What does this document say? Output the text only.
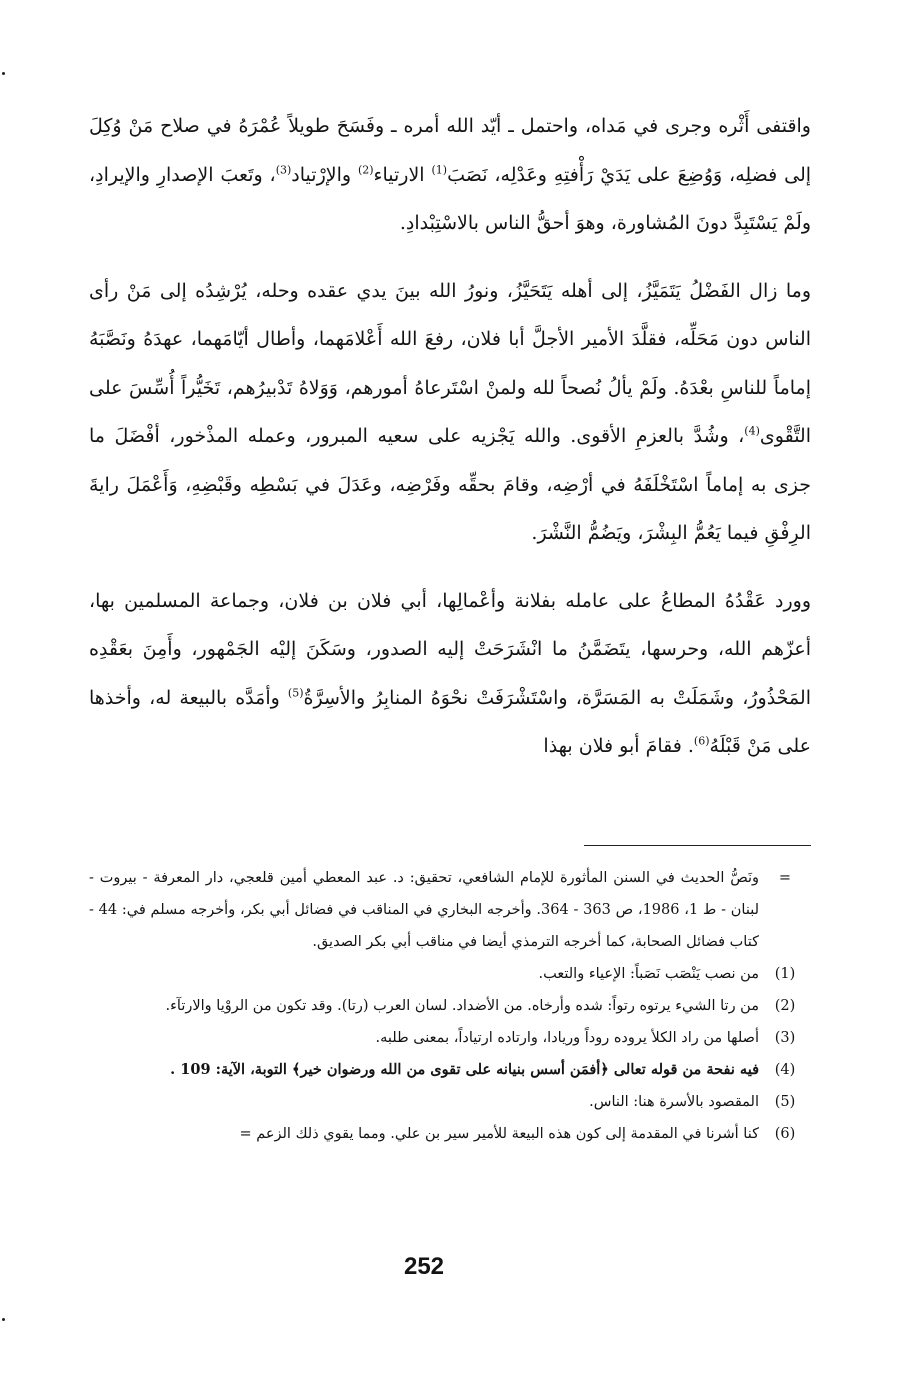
واقتفى أَثْره وجرى في مَداه، واحتمل ـ أيّد الله أمره ـ وفَسَحَ طويلاً عُمْرَهُ في صلاح مَنْ وُكِلَ إلى فضلِه، وَوُضِعَ على يَدَيْ رَأْفتِهِ وعَدْلِه، نَصَبَ$^{(1)}$ الارتياء$^{(2)}$ والإرْتياد$^{(3)}$، وتَعبَ الإصدارِ والإيرادِ، ولَمْ يَسْتَبِدَّ دونَ المُشاورة، وهوَ أحقُّ الناس بالاسْتِبْدادِ.

وما زال الفَضْلُ يَتَمَيَّزُ، إلى أهله يَتَحَيَّزُ، ونورُ الله بينَ يدي عقده وحله، يُرْشِدُه إلى مَنْ رأى الناس دون مَحَلِّه، فقلَّدَ الأمير الأجلَّ أبا فلان، رفعَ الله أَعْلامَهما، وأطال أيّامَهما، عهدَهُ ونَصَّبَهُ إماماً للناسِ بعْدَهُ. ولَمْ يألُ نُصحاً لله ولمنْ اسْتَرعاهُ أمورهم، وَوَلاهُ تَدْبيرُهم، تَخَيُّراً أُسِّسَ على التَّقْوى$^{(4)}$، وشُدَّ بالعزمِ الأقوى. والله يَجْزيه على سعيه المبرور، وعمله المذْخور، أفْضَلَ ما جزى به إماماً اسْتَخْلَفَهُ في أرْضِه، وقامَ بحقِّه وفَرْضِه، وعَدَلَ في بَسْطِه وقَبْضِهِ، وَأَعْمَلَ رايةَ الرِفْقِ فيما يَعُمُّ البِشْرَ، ويَضُمُّ النَّشْرَ.

وورد عَقْدُهُ المطاعُ على عامله بفلانة وأعْمالِها، أبي فلان بن فلان، وجماعة المسلمين بها، أعزّهم الله، وحرسها، يتَضَمَّنُ ما انْشَرَحَتْ إليه الصدور، وسَكَنَ إليْه الجَمْهور، وأَمِنَ بعَقْدِه المَحْذُورُ، وشَمَلَتْ به المَسَرَّة، واسْتَشْرَفَتْ نحْوَهُ المنابِرُ والأسِرَّةُ$^{(5)}$ وأمَدَّه بالبيعة له، وأخذها على مَنْ قَبْلَهُ$^{(6)}$. فقامَ أبو فلان بهذا

=
ونَصُّ الحديث في السنن المأثورة للإمام الشافعي، تحقيق: د. عبد المعطي أمين قلعجي، دار المعرفة - بيروت - لبنان - ط 1، 1986، ص 363 - 364. وأخرجه البخاري في المناقب في فضائل أبي بكر، وأخرجه مسلم في: 44 - كتاب فضائل الصحابة، كما أخرجه الترمذي أيضا في مناقب أبي بكر الصديق.
(1)
من نصب يَنْصَب نَصَباً: الإعياء والتعب.
(2)
من رتا الشيء يرتوه رتواً: شده وأرخاه. من الأضداد. لسان العرب (رتا). وقد تكون من الروْيا والارتآء.
(3)
أصلها من راد الكلأ يروده روداً وريادا، وارتاده ارتياداً، بمعنى طلبه.
(4)
فيه نفحة من قوله تعالى ﴿أفمَن أسس بنيانه على تقوى من الله ورضوان خير﴾ التوبة، الآية: 109 .
(5)
المقصود بالأسرة هنا: الناس.
(6)
كنا أشرنا في المقدمة إلى كون هذه البيعة للأمير سير بن علي. ومما يقوي ذلك الزعم =
252
